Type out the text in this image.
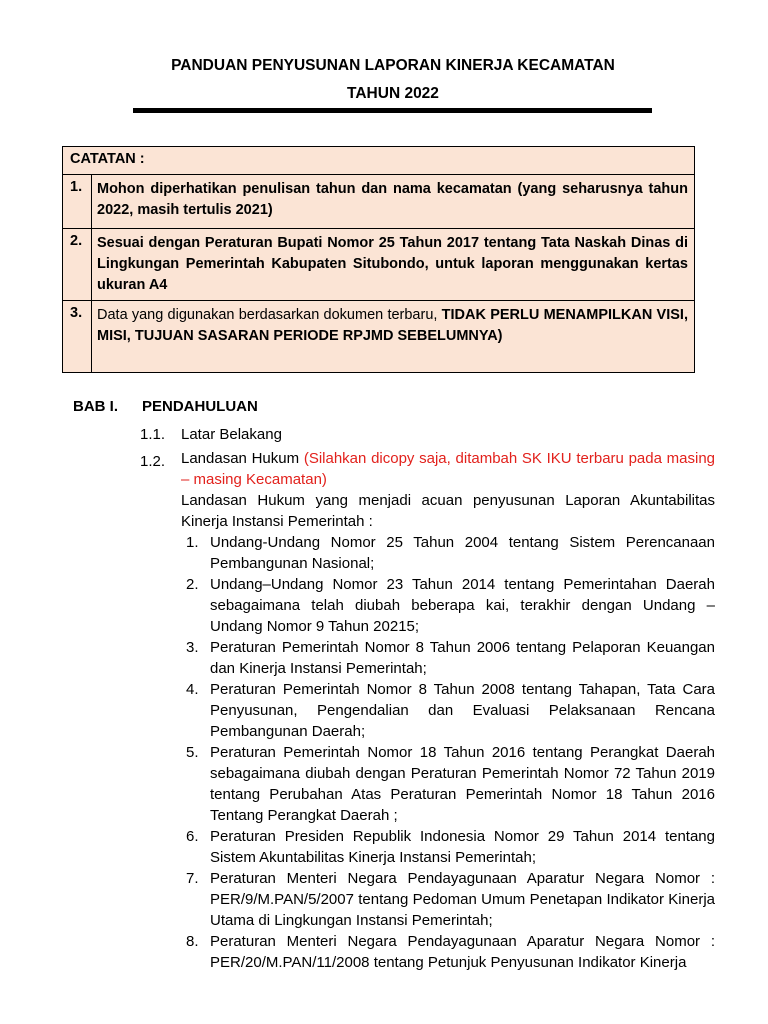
PANDUAN PENYUSUNAN LAPORAN KINERJA KECAMATAN
TAHUN 2022
CATATAN :	
1.	Mohon diperhatikan penulisan tahun dan nama kecamatan (yang seharusnya tahun 2022, masih tertulis 2021)
2.	Sesuai dengan Peraturan Bupati Nomor 25 Tahun 2017 tentang Tata Naskah Dinas di Lingkungan Pemerintah Kabupaten Situbondo, untuk laporan menggunakan kertas ukuran A4
3.	Data yang digunakan berdasarkan dokumen terbaru, TIDAK PERLU MENAMPILKAN VISI, MISI, TUJUAN SASARAN PERIODE RPJMD SEBELUMNYA)
BAB I. PENDAHULUAN
1.1. Latar Belakang
1.2. Landasan Hukum (Silahkan dicopy saja, ditambah SK IKU terbaru pada masing – masing Kecamatan)
Landasan Hukum yang menjadi acuan penyusunan Laporan Akuntabilitas Kinerja Instansi Pemerintah :
1. Undang-Undang Nomor 25 Tahun 2004 tentang Sistem Perencanaan Pembangunan Nasional;
2. Undang–Undang Nomor 23 Tahun 2014 tentang Pemerintahan Daerah sebagaimana telah diubah beberapa kai, terakhir dengan Undang – Undang Nomor 9 Tahun 20215;
3. Peraturan Pemerintah Nomor 8 Tahun 2006 tentang Pelaporan Keuangan dan Kinerja Instansi Pemerintah;
4. Peraturan Pemerintah Nomor 8 Tahun 2008 tentang Tahapan, Tata Cara Penyusunan, Pengendalian dan Evaluasi Pelaksanaan Rencana Pembangunan Daerah;
5. Peraturan Pemerintah Nomor 18 Tahun 2016 tentang Perangkat Daerah sebagaimana diubah dengan Peraturan Pemerintah Nomor 72 Tahun 2019 tentang Perubahan Atas Peraturan Pemerintah Nomor 18 Tahun 2016 Tentang Perangkat Daerah ;
6. Peraturan Presiden Republik Indonesia Nomor 29 Tahun 2014 tentang Sistem Akuntabilitas Kinerja Instansi Pemerintah;
7. Peraturan Menteri Negara Pendayagunaan Aparatur Negara Nomor : PER/9/M.PAN/5/2007 tentang Pedoman Umum Penetapan Indikator Kinerja Utama di Lingkungan Instansi Pemerintah;
8. Peraturan Menteri Negara Pendayagunaan Aparatur Negara Nomor : PER/20/M.PAN/11/2008 tentang Petunjuk Penyusunan Indikator Kinerja
